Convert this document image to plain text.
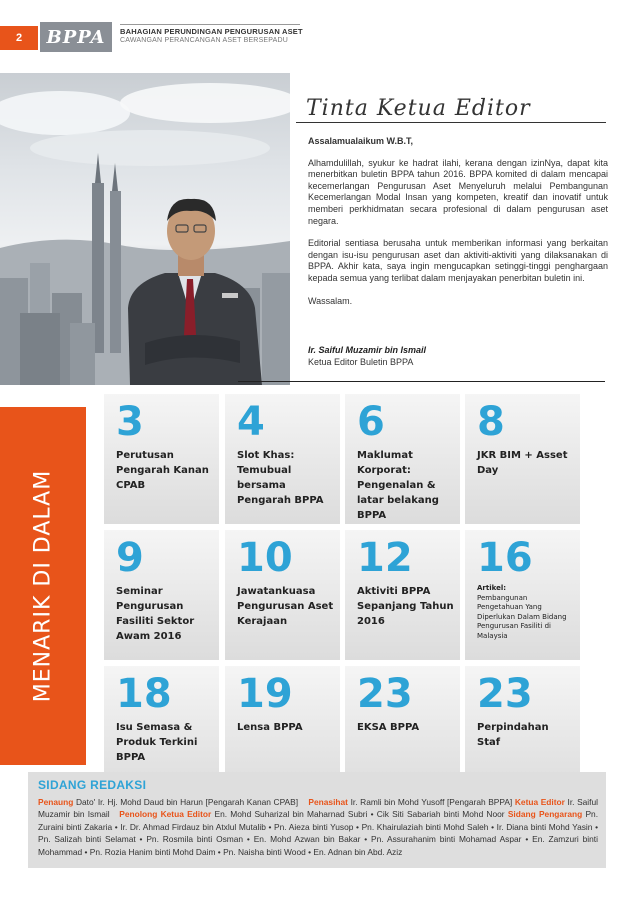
2	BPPA	BAHAGIAN PERUNDINGAN PENGURUSAN ASET
CAWANGAN PERANCANGAN ASET BERSEPADU
Tinta Ketua Editor

Assalamualaikum W.B.T,

Alhamdulillah, syukur ke hadrat ilahi, kerana dengan izinNya, dapat kita menerbitkan buletin BPPA tahun 2016. BPPA komited di dalam mencapai kecemerlangan Pengurusan Aset Menyeluruh melalui Pembangunan Kecemerlangan Modal Insan yang kompeten, kreatif dan inovatif untuk memberi perkhidmatan secara profesional di dalam pengurusan aset negara.

Editorial sentiasa berusaha untuk memberikan informasi yang berkaitan dengan isu-isu pengurusan aset dan aktiviti-aktiviti yang dilaksanakan di BPPA. Akhir kata, saya ingin mengucapkan setinggi-tinggi penghargaan kepada semua yang terlibat dalam menjayakan penerbitan buletin ini.

Wassalam.

Ir. Saiful Muzamir bin Ismail
Ketua Editor Buletin BPPA
MENARIK DI DALAM
3
Perutusan Pengarah Kanan CPAB
4
Slot Khas: Temubual bersama Pengarah BPPA
6
Maklumat Korporat: Pengenalan & latar belakang BPPA
8
JKR BIM + Asset Day
9
Seminar Pengurusan Fasiliti Sektor Awam 2016
10
Jawatankuasa Pengurusan Aset Kerajaan
12
Aktiviti BPPA Sepanjang Tahun 2016
16
Artikel:
Pembangunan Pengetahuan Yang Diperlukan Dalam Bidang Pengurusan Fasiliti di Malaysia
18
Isu Semasa & Produk Terkini BPPA
19
Lensa BPPA
23
EKSA BPPA
23
Perpindahan Staf
SIDANG REDAKSI
Penaung Dato' Ir. Hj. Mohd Daud bin Harun [Pengarah Kanan CPAB] Penasihat Ir. Ramli bin Mohd Yusoff [Pengarah BPPA] Ketua Editor Ir. Saiful Muzamir bin Ismail Penolong Ketua Editor En. Mohd Suharizal bin Maharnad Subri • Cik Siti Sabariah binti Mohd Noor Sidang Pengarang Pn. Zuraini binti Zakaria • Ir. Dr. Ahmad Firdauz bin Atxlul Mutalib • Pn. Aieza binti Yusop • Pn. Khairulaziah binti Mohd Saleh • Ir. Diana binti Mohd Yasin • Pn. Salizah binti Selamat • Pn. Rosmila binti Osman • En. Mohd Azwan bin Bakar • Pn. Assurahanim binti Mohamad Aspar • En. Zamzuri binti Mohammad • Pn. Rozia Hanim binti Mohd Daim • Pn. Naisha binti Wood • En. Adnan bin Abd. Aziz
